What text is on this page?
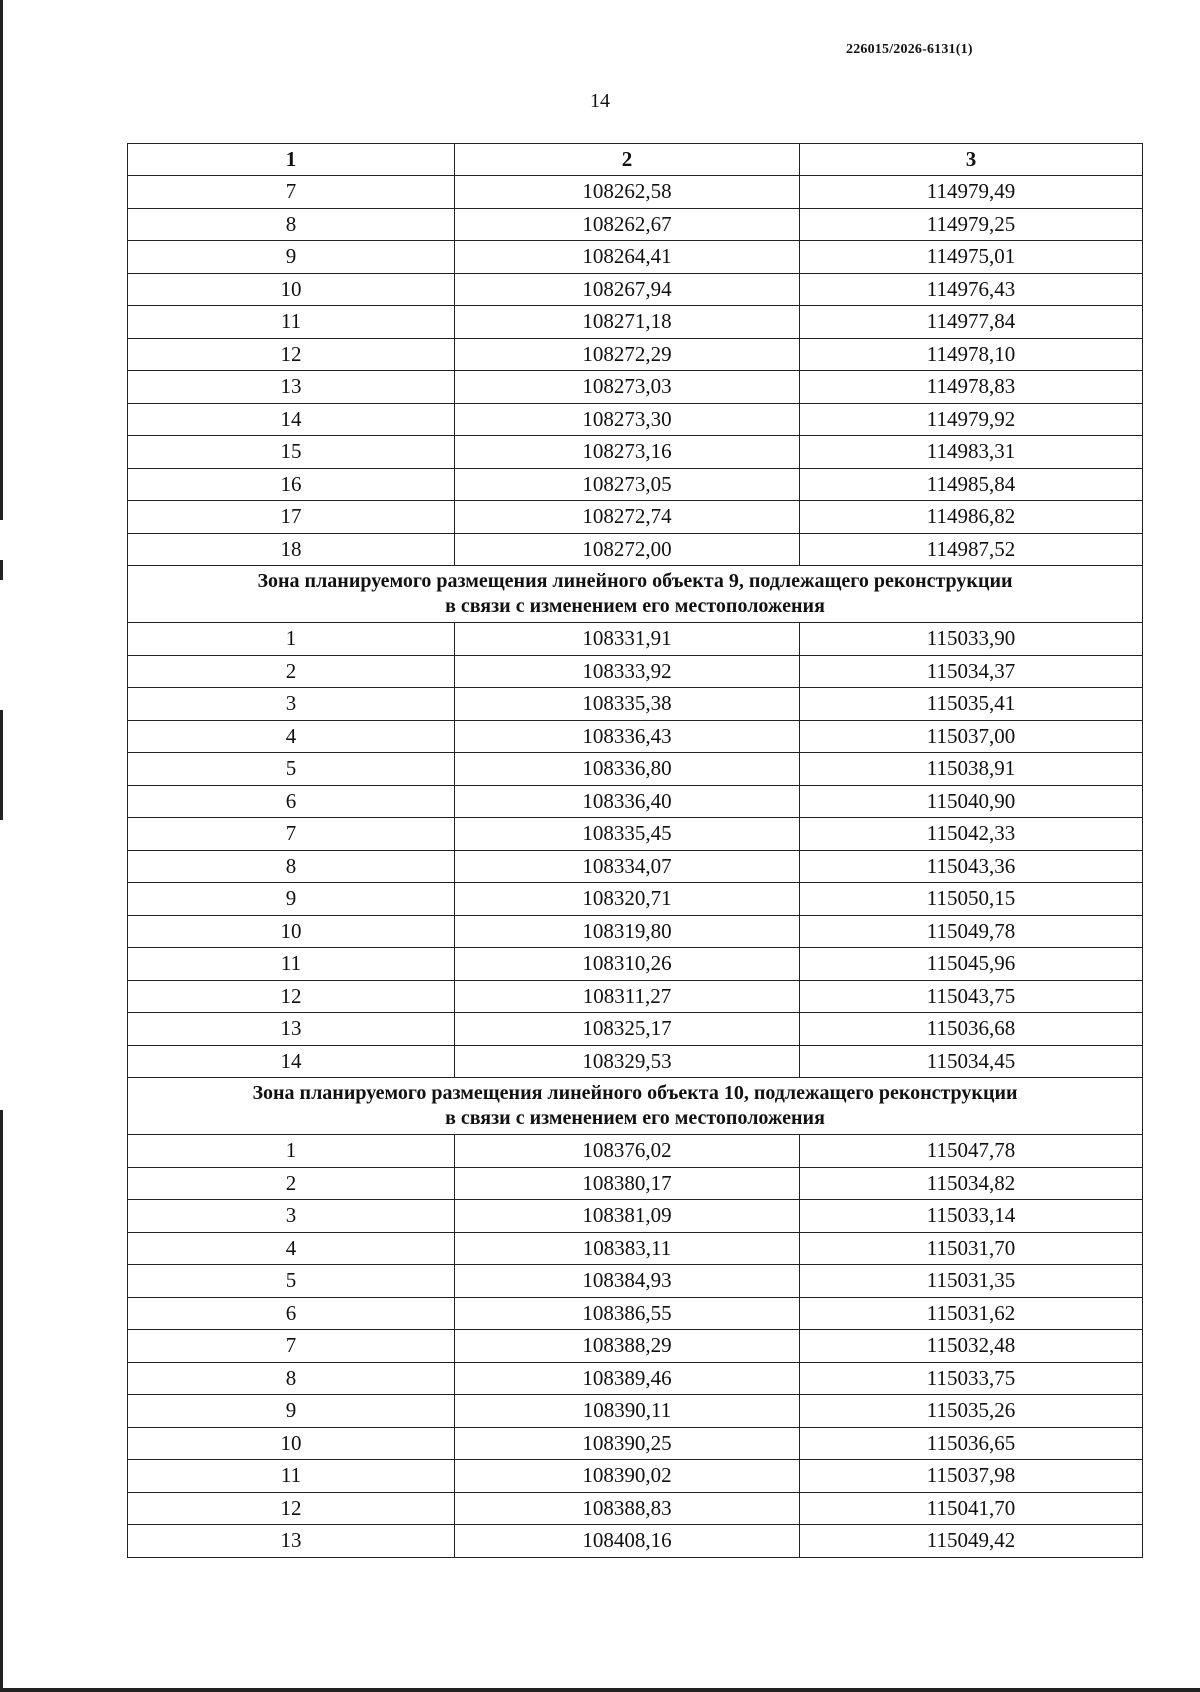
226015/2026-6131(1)
14
1	2	3
7	108262,58	114979,49
8	108262,67	114979,25
9	108264,41	114975,01
10	108267,94	114976,43
11	108271,18	114977,84
12	108272,29	114978,10
13	108273,03	114978,83
14	108273,30	114979,92
15	108273,16	114983,31
16	108273,05	114985,84
17	108272,74	114986,82
18	108272,00	114987,52

Зона планируемого размещения линейного объекта 9, подлежащего реконструкции
в связи с изменением его местоположения		

1	108331,91	115033,90
2	108333,92	115034,37
3	108335,38	115035,41
4	108336,43	115037,00
5	108336,80	115038,91
6	108336,40	115040,90
7	108335,45	115042,33
8	108334,07	115043,36
9	108320,71	115050,15
10	108319,80	115049,78
11	108310,26	115045,96
12	108311,27	115043,75
13	108325,17	115036,68
14	108329,53	115034,45

Зона планируемого размещения линейного объекта 10, подлежащего реконструкции
в связи с изменением его местоположения		

1	108376,02	115047,78
2	108380,17	115034,82
3	108381,09	115033,14
4	108383,11	115031,70
5	108384,93	115031,35
6	108386,55	115031,62
7	108388,29	115032,48
8	108389,46	115033,75
9	108390,11	115035,26
10	108390,25	115036,65
11	108390,02	115037,98
12	108388,83	115041,70
13	108408,16	115049,42
